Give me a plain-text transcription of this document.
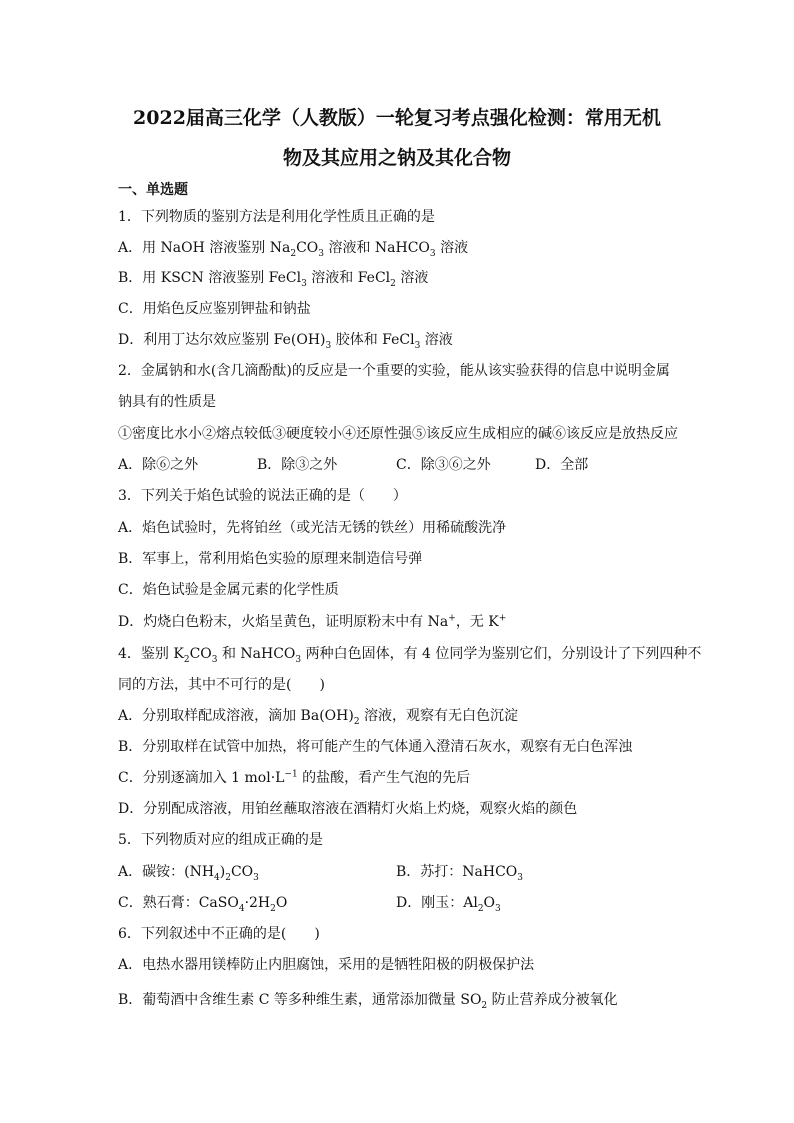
2022届高三化学（人教版）一轮复习考点强化检测：常用无机
物及其应用之钠及其化合物
一、单选题
1．下列物质的鉴别方法是利用化学性质且正确的是
A．用 NaOH 溶液鉴别 $Na_2CO_3$ 溶液和 NaHCO$_3$ 溶液
B．用 KSCN 溶液鉴别 FeCl$_3$ 溶液和 FeCl$_2$ 溶液
C．用焰色反应鉴别钾盐和钠盐
D．利用丁达尔效应鉴别 $Fe(OH)_3$ 胶体和 FeCl$_3$ 溶液
2．金属钠和水(含几滴酚酞)的反应是一个重要的实验，能从该实验获得的信息中说明金属
钠具有的性质是
①密度比水小②熔点较低③硬度较小④还原性强⑤该反应生成相应的碱⑥该反应是放热反应
A．除⑥之外	B．除③之外	C．除③⑥之外	D．全部
3．下列关于焰色试验的说法正确的是（　　）
A．焰色试验时，先将铂丝（或光洁无锈的铁丝）用稀硫酸洗净
B．军事上，常利用焰色实验的原理来制造信号弹
C．焰色试验是金属元素的化学性质
D．灼烧白色粉末，火焰呈黄色，证明原粉末中有 Na+，无 K+
4．鉴别 $K_2CO_3$ 和 NaHCO$_3$ 两种白色固体，有 4 位同学为鉴别它们，分别设计了下列四种不
同的方法，其中不可行的是(　　)
A．分别取样配成溶液，滴加 $Ba(OH)_2$ 溶液，观察有无白色沉淀
B．分别取样在试管中加热，将可能产生的气体通入澄清石灰水，观察有无白色浑浊
C．分别逐滴加入 1 $mol\cdot L^{-1}$ 的盐酸，看产生气泡的先后
D．分别配成溶液，用铂丝蘸取溶液在酒精灯火焰上灼烧，观察火焰的颜色
5．下列物质对应的组成正确的是
A．碳铵：$(NH_4)_2CO_3$	B．苏打：NaHCO$_3$
C．熟石膏：$CaSO_4\cdot 2H_2O$	D．刚玉：$Al_2O_3$
6．下列叙述中不正确的是(　　)
A．电热水器用镁棒防止内胆腐蚀，采用的是牺牲阳极的阴极保护法
B．葡萄酒中含维生素 C 等多种维生素，通常添加微量 $SO_2$ 防止营养成分被氧化
